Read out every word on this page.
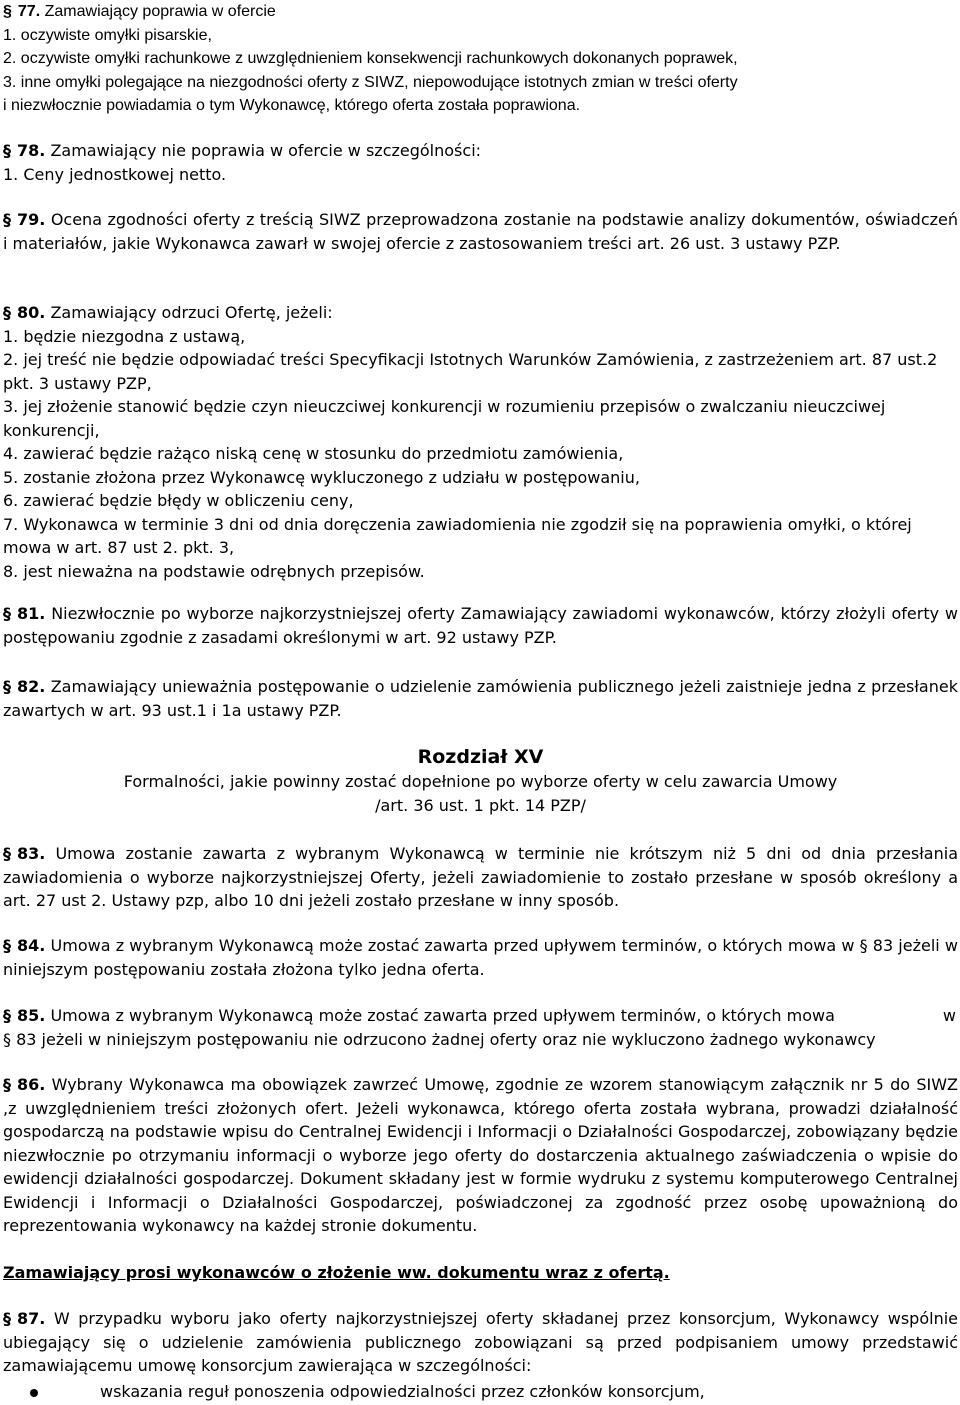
§ 77. Zamawiający poprawia w ofercie

1. oczywiste omyłki pisarskie,

2. oczywiste omyłki rachunkowe z uwzględnieniem konsekwencji rachunkowych dokonanych poprawek,

3. inne omyłki polegające na niezgodności oferty z SIWZ, niepowodujące istotnych zmian w treści oferty

i niezwłocznie powiadamia o tym Wykonawcę, którego oferta została poprawiona.

§ 78. Zamawiający nie poprawia w ofercie w szczególności:

1. Ceny jednostkowej netto.

§ 79. Ocena zgodności oferty z treścią SIWZ przeprowadzona zostanie na podstawie analizy dokumentów, oświadczeń i materiałów, jakie Wykonawca zawarł w swojej ofercie z zastosowaniem treści art. 26 ust. 3 ustawy PZP.

§ 80. Zamawiający odrzuci Ofertę, jeżeli:

1. będzie niezgodna z ustawą,

2. jej treść nie będzie odpowiadać treści Specyfikacji Istotnych Warunków Zamówienia, z zastrzeżeniem art. 87 ust.2 pkt. 3 ustawy PZP,

3. jej złożenie stanowić będzie czyn nieuczciwej konkurencji w rozumieniu przepisów o zwalczaniu nieuczciwej konkurencji,

4. zawierać będzie rażąco niską cenę w stosunku do przedmiotu zamówienia,

5. zostanie złożona przez Wykonawcę wykluczonego z udziału w postępowaniu,

6. zawierać będzie błędy w obliczeniu ceny,

7. Wykonawca w terminie 3 dni od dnia doręczenia zawiadomienia nie zgodził się na poprawienia omyłki, o której mowa w art. 87 ust 2. pkt. 3,

8. jest nieważna na podstawie odrębnych przepisów.

§ 81. Niezwłocznie po wyborze najkorzystniejszej oferty Zamawiający zawiadomi wykonawców, którzy złożyli oferty w postępowaniu zgodnie z zasadami określonymi w art. 92 ustawy PZP.

§ 82. Zamawiający unieważnia postępowanie o udzielenie zamówienia publicznego jeżeli zaistnieje jedna z przesłanek zawartych w art. 93 ust.1 i 1a ustawy PZP.

Rozdział XV

Formalności, jakie powinny zostać dopełnione po wyborze oferty w celu zawarcia Umowy

/art. 36 ust. 1 pkt. 14 PZP/

§ 83. Umowa zostanie zawarta z wybranym Wykonawcą w terminie nie krótszym niż 5 dni od dnia przesłania zawiadomienia o wyborze najkorzystniejszej Oferty, jeżeli zawiadomienie to zostało przesłane w sposób określony a art. 27 ust 2. Ustawy pzp, albo 10 dni jeżeli zostało przesłane w inny sposób.

§ 84. Umowa z wybranym Wykonawcą może zostać zawarta przed upływem terminów, o których mowa w § 83 jeżeli w niniejszym postępowaniu została złożona tylko jedna oferta.

§ 85. Umowa z wybranym Wykonawcą może zostać zawarta przed upływem terminów, o których mowa	w

§ 83 jeżeli w niniejszym postępowaniu nie odrzucono żadnej oferty oraz nie wykluczono żadnego wykonawcy

§ 86. Wybrany Wykonawca ma obowiązek zawrzeć Umowę, zgodnie ze wzorem stanowiącym załącznik nr 5 do SIWZ ,z uwzględnieniem treści złożonych ofert. Jeżeli wykonawca, którego oferta została wybrana, prowadzi działalność gospodarczą na podstawie wpisu do Centralnej Ewidencji i Informacji o Działalności Gospodarczej, zobowiązany będzie niezwłocznie po otrzymaniu informacji o wyborze jego oferty do dostarczenia aktualnego zaświadczenia o wpisie do ewidencji działalności gospodarczej. Dokument składany jest w formie wydruku z systemu komputerowego Centralnej Ewidencji i Informacji o Działalności Gospodarczej, poświadczonej za zgodność przez osobę upoważnioną do reprezentowania wykonawcy na każdej stronie dokumentu.

Zamawiający prosi wykonawców o złożenie ww. dokumentu wraz z ofertą.

§ 87. W przypadku wyboru jako oferty najkorzystniejszej oferty składanej przez konsorcjum, Wykonawcy wspólnie ubiegający się o udzielenie zamówienia publicznego zobowiązani są przed podpisaniem umowy przedstawić zamawiającemu umowę konsorcjum zawierająca w szczególności:

wskazania reguł ponoszenia odpowiedzialności przez członków konsorcjum,
